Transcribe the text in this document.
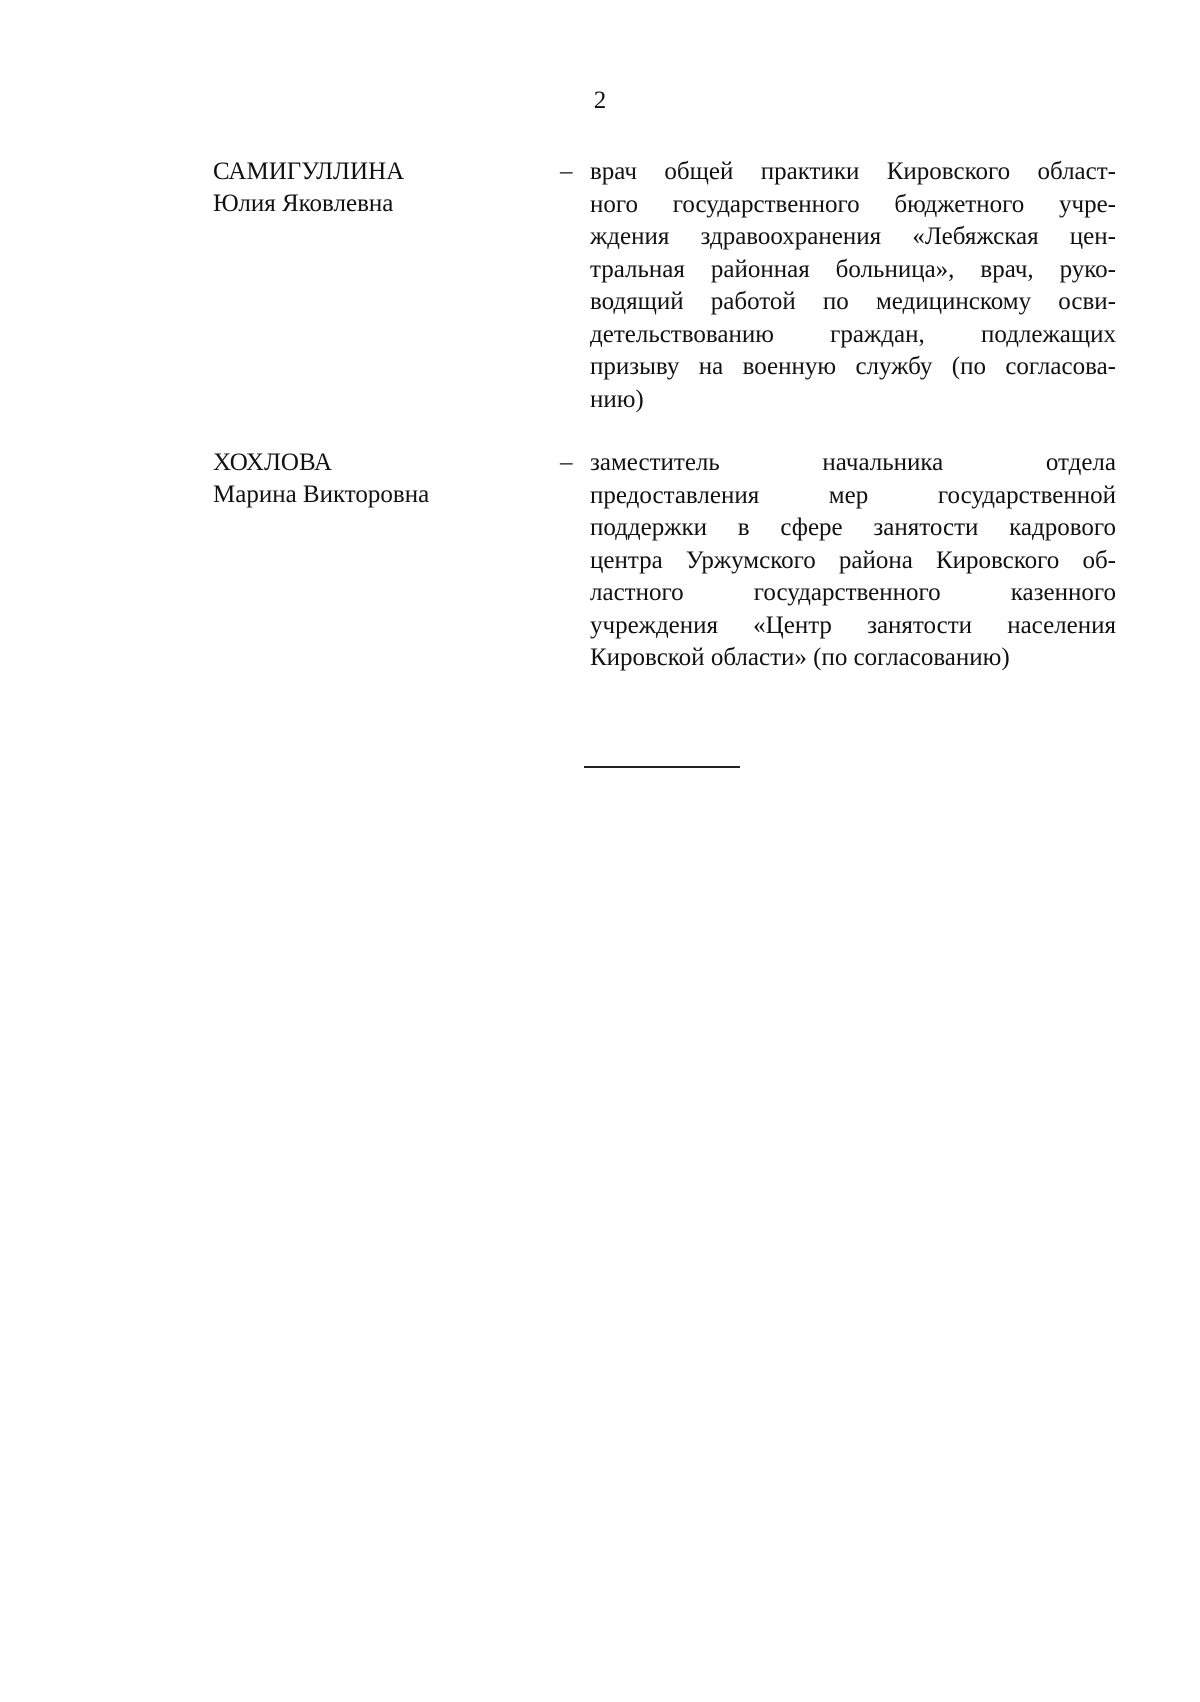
2
САМИГУЛЛИНА
Юлия Яковлевна
– врач общей практики Кировского област-
ного государственного бюджетного учре-
ждения здравоохранения «Лебяжская цен-
тральная районная больница», врач, руко-
водящий работой по медицинскому осви-
детельствованию граждан, подлежащих
призыву на военную службу (по согласова-
нию)
ХОХЛОВА
Марина Викторовна
– заместитель начальника отдела
предоставления мер государственной
поддержки в сфере занятости кадрового
центра Уржумского района Кировского об-
ластного государственного казенного
учреждения «Центр занятости населения
Кировской области» (по согласованию)
